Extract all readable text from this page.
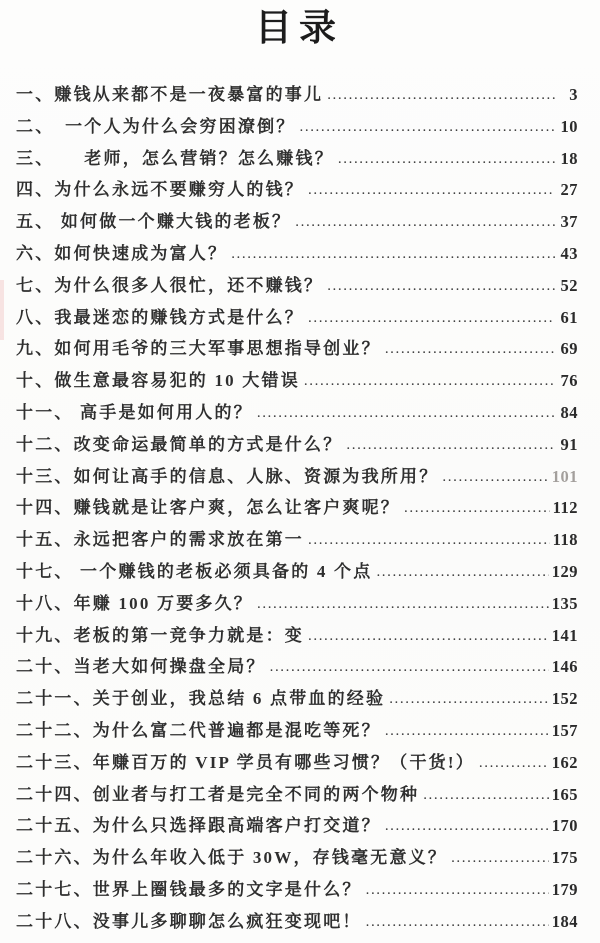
目录
一、赚钱从来都不是一夜暴富的事儿 .....	3
二、　一个人为什么会穷困潦倒？ .....	10
三、　　老师，怎么营销？怎么赚钱？ .....	18
四、为什么永远不要赚穷人的钱？ .....	27
五、 如何做一个赚大钱的老板？ .....	37
六、如何快速成为富人？ .....	43
七、为什么很多人很忙，还不赚钱？ .....	52
八、我最迷恋的赚钱方式是什么？ .....	61
九、如何用毛爷的三大军事思想指导创业？ .....	69
十、做生意最容易犯的 10 大错误 .....	76
十一、 高手是如何用人的？ .....	84
十二、改变命运最简单的方式是什么？ .....	91
十三、如何让高手的信息、人脉、资源为我所用？ .....	101
十四、赚钱就是让客户爽，怎么让客户爽呢？ .....	112
十五、永远把客户的需求放在第一 .....	118
十七、 一个赚钱的老板必须具备的 4 个点 .....	129
十八、年赚 100 万要多久？ .....	135
十九、老板的第一竞争力就是：变 .....	141
二十、当老大如何操盘全局？ .....	146
二十一、关于创业，我总结 6 点带血的经验 .....	152
二十二、为什么富二代普遍都是混吃等死？ .....	157
二十三、年赚百万的 VIP 学员有哪些习惯？（干货!） .....	162
二十四、创业者与打工者是完全不同的两个物种 .....	165
二十五、为什么只选择跟高端客户打交道？ .....	170
二十六、为什么年收入低于 30W，存钱毫无意义？ .....	175
二十七、世界上圈钱最多的文字是什么？ .....	179
二十八、没事儿多聊聊怎么疯狂变现吧！ .....	184
